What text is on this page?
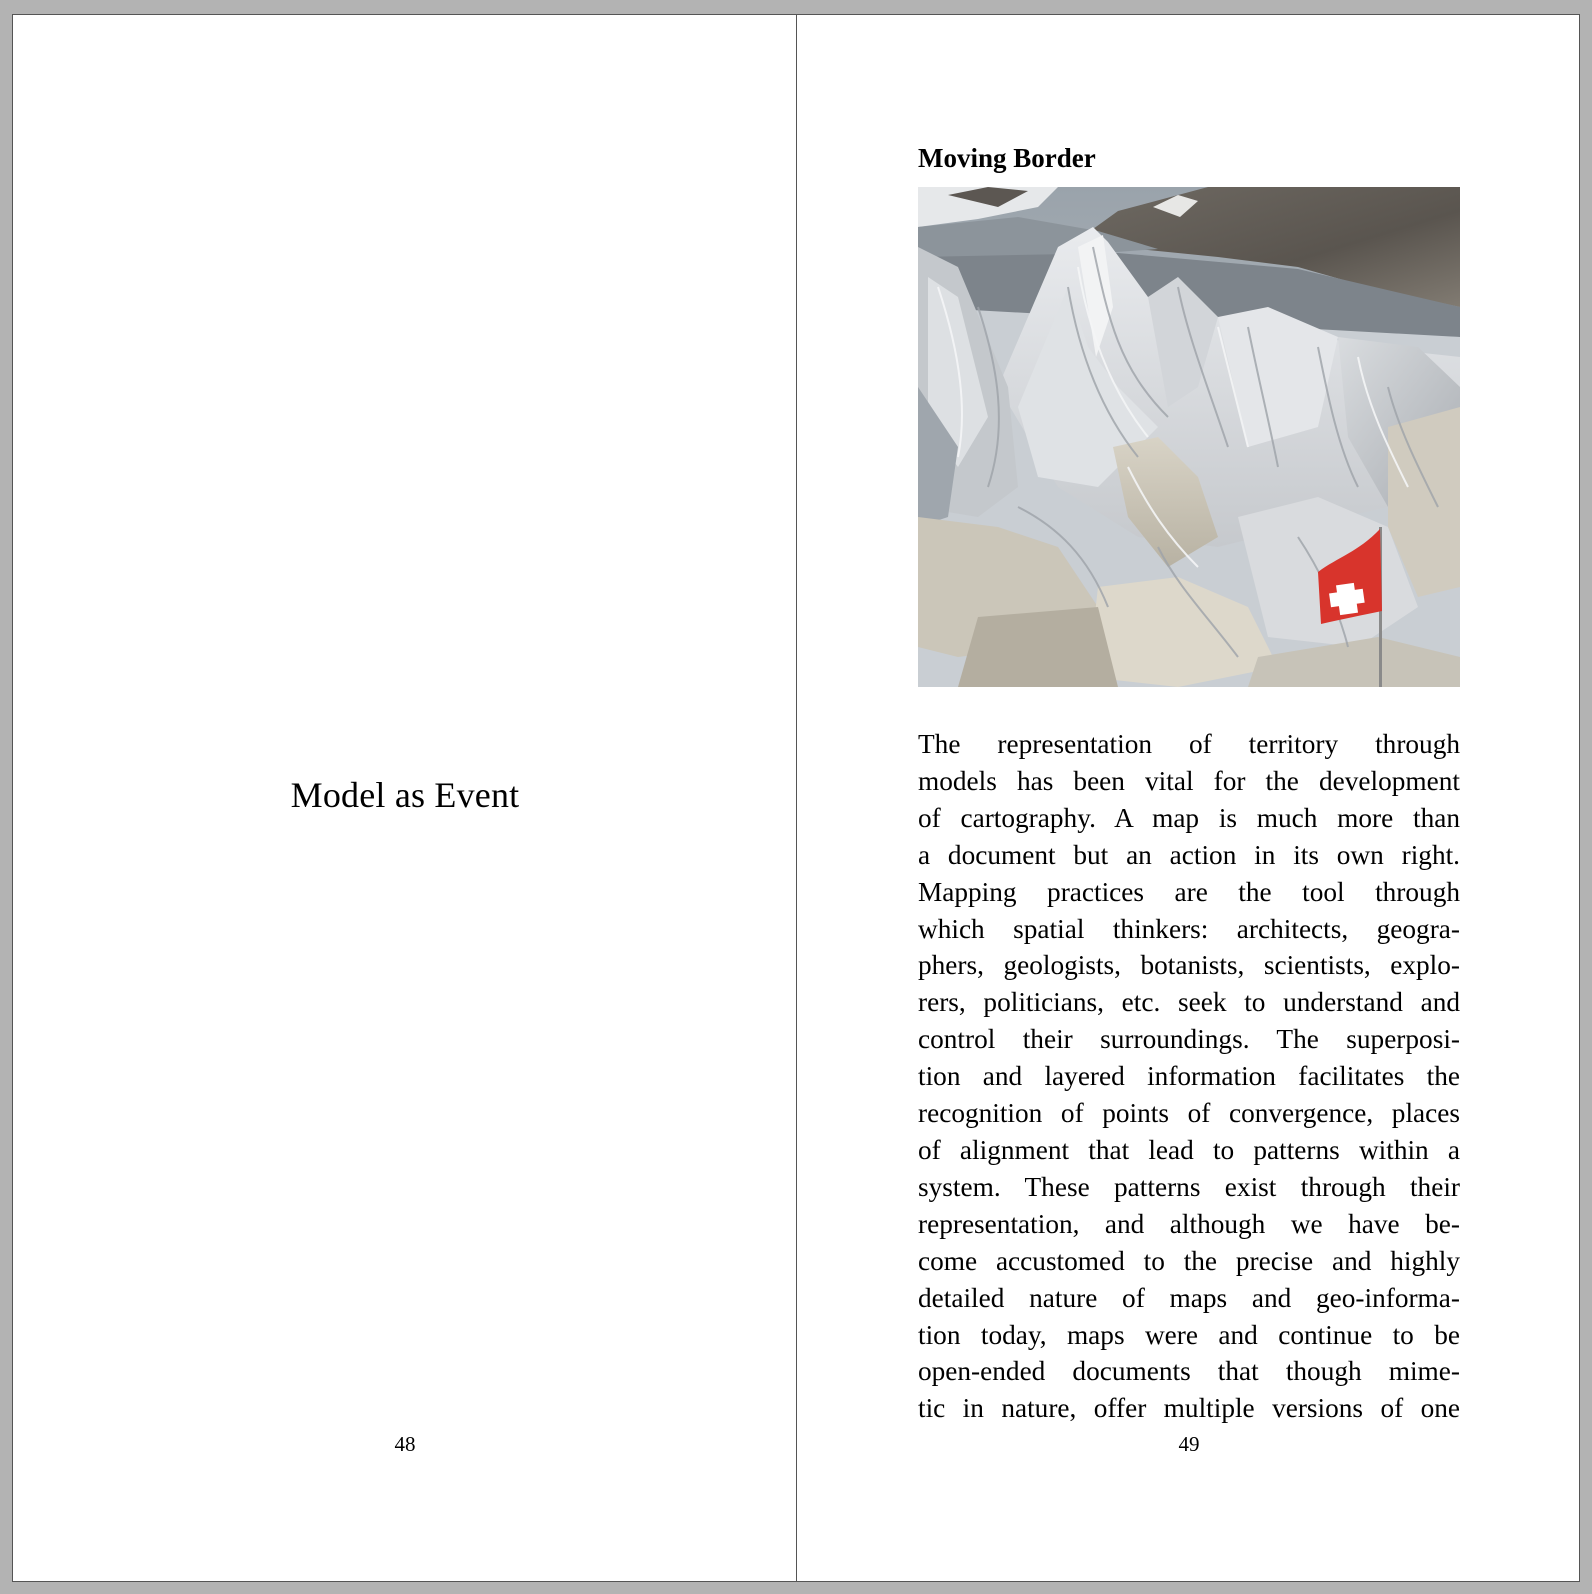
Model as Event
48
Moving Border
The representation of territory through
models has been vital for the development
of cartography. A map is much more than
a document but an action in its own right.
Mapping practices are the tool through
which spatial thinkers: architects, geogra-
phers, geologists, botanists, scientists, explo-
rers, politicians, etc. seek to understand and
control their surroundings. The superposi-
tion and layered information facilitates the
recognition of points of convergence, places
of alignment that lead to patterns within a
system. These patterns exist through their
representation, and although we have be-
come accustomed to the precise and highly
detailed nature of maps and geo-informa-
tion today, maps were and continue to be
open-ended documents that though mime-
tic in nature, offer multiple versions of one
49
